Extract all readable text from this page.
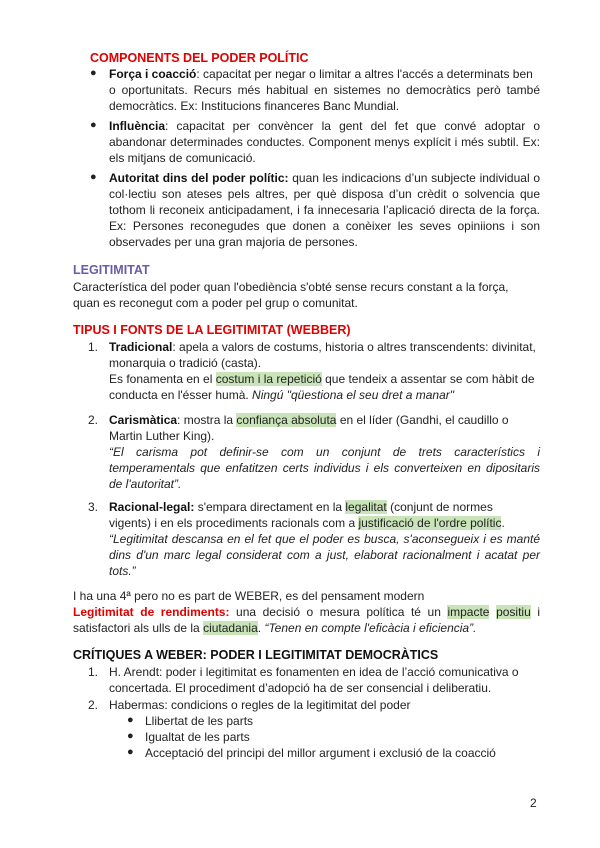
COMPONENTS DEL PODER POLÍTIC
● Força i coacció: capacitat per negar o limitar a altres l'accés a determinats ben
o oportunitats. Recurs més habitual en sistemes no democràtics però també
democràtics. Ex: Institucions financeres Banc Mundial.
● Influència: capacitat per convèncer la gent del fet que convé adoptar o
abandonar determinades conductes. Component menys explícit i més subtil. Ex:
els mitjans de comunicació.
● Autoritat dins del poder polític: quan les indicacions d’un subjecte individual o
col·lectiu son ateses pels altres, per què disposa d’un crèdit o solvencia que
tothom li reconeix anticipadament, i fa innecesaria l’aplicació directa de la força.
Ex: Persones reconegudes que donen a conèixer les seves opiniions i son
observades per una gran majoria de persones.
LEGITIMITAT
Característica del poder quan l'obediència s'obté sense recurs constant a la força,
quan es reconegut com a poder pel grup o comunitat.
TIPUS I FONTS DE LA LEGITIMITAT (WEBBER)
1. Tradicional: apela a valors de costums, historia o altres transcendents: divinitat,
monarquia o tradició (casta).
Es fonamenta en el costum i la repetició que tendeix a assentar se com hàbit de
conducta en l'ésser humà. Ningú "qüestiona el seu dret a manar"
2. Carismàtica: mostra la confiança absoluta en el líder (Gandhi, el caudillo o
Martin Luther King).
“El carisma pot definir-se com un conjunt de trets característics i
temperamentals que enfatitzen certs individus i els converteixen en dipositaris
de l'autoritat”.
3. Racional-legal: s'empara directament en la legalitat (conjunt de normes
vigents) i en els procediments racionals com a justificació de l'ordre polític.
“Legitimitat descansa en el fet que el poder es busca, s'aconsegueix i es manté
dins d'un marc legal considerat com a just, elaborat racionalment i acatat per
tots.”
I ha una 4ª pero no es part de WEBER, es del pensament modern
Legitimitat de rendiments: una decisió o mesura política té un impacte positiu i
satisfactori als ulls de la ciutadania. “Tenen en compte l'eficàcia i eficiencia”.
CRÍTIQUES A WEBER: PODER I LEGITIMITAT DEMOCRÀTICS
1. H. Arendt: poder i legitimitat es fonamenten en idea de l’acció comunicativa o
concertada. El procediment d’adopció ha de ser consencial i deliberatiu.
2. Habermas: condicions o regles de la legitimitat del poder
● Llibertat de les parts
● Igualtat de les parts
● Acceptació del principi del millor argument i exclusió de la coacció
2
